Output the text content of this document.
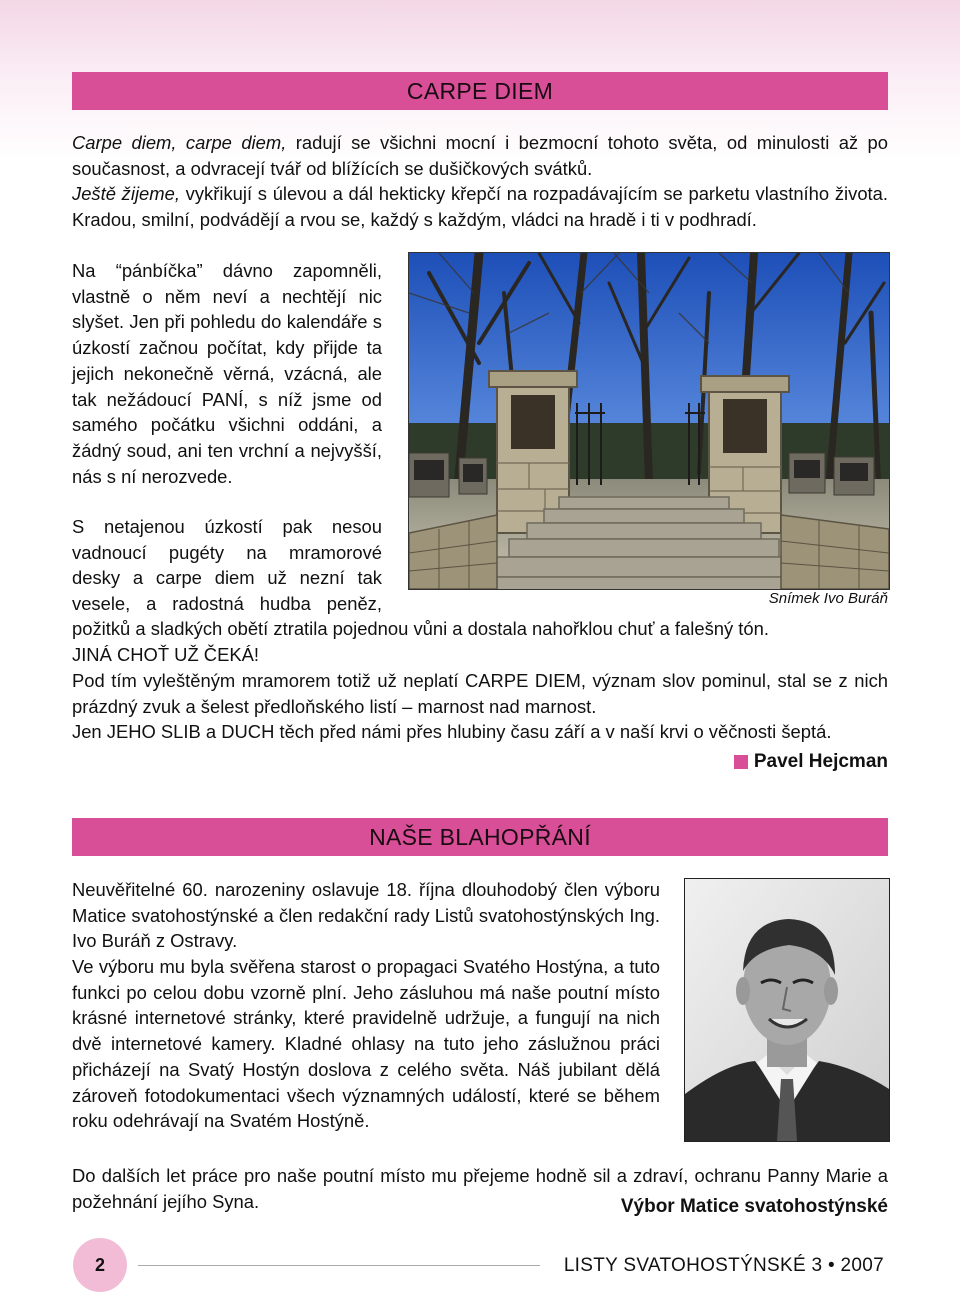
CARPE DIEM

Carpe diem, carpe diem, radují se všichni mocní i bezmocní tohoto světa, od minulosti až po současnost, a odvracejí tvář od blížících se dušičkových svátků.
Ještě žijeme, vykřikují s úlevou a dál hekticky křepčí na rozpadávajícím se parketu vlastního života. Kradou, smilní, podvádějí a rvou se, každý s každým, vládci na hradě i ti v podhradí.

Na “pánbíčka” dávno zapomněli, vlastně o něm neví a nechtějí nic slyšet. Jen při pohledu do kalendáře s úzkostí začnou počítat, kdy přijde ta jejich nekonečně věrná, vzácná, ale tak nežádoucí PANÍ, s níž jsme od samého počátku všichni oddáni, a žádný soud, ani ten vrchní a nejvyšší, nás s ní nerozvede.

S netajenou úzkostí pak nesou vadnoucí pugéty na mramorové desky a carpe diem už nezní tak vesele, a radostná hudba peněz,	Snímek Ivo Buráň

požitků a sladkých obětí ztratila pojednou vůni a dostala nahořklou chuť a falešný tón.

JINÁ CHOŤ UŽ ČEKÁ!

Pod tím vyleštěným mramorem totiž už neplatí CARPE DIEM, význam slov pominul, stal se z nich prázdný zvuk a šelest předloňského listí – marnost nad marnost.

Jen JEHO SLIB a DUCH těch před námi přes hlubiny času září a v naší krvi o věčnosti šeptá.

Pavel Hejcman
NAŠE BLAHOPŘÁNÍ

Neuvěřitelné 60. narozeniny oslavuje 18. října dlouhodobý člen výboru Matice svatohostýnské a člen redakční rady Listů svatohostýnských Ing. Ivo Buráň z Ostravy.

Ve výboru mu byla svěřena starost o propagaci Svatého Hostýna, a tuto funkci po celou dobu vzorně plní. Jeho zásluhou má naše poutní místo krásné internetové stránky, které pravidelně udržuje, a fungují na nich dvě internetové kamery. Kladné ohlasy na tuto jeho záslužnou práci přicházejí na Svatý Hostýn doslova z celého světa. Náš jubilant dělá zároveň fotodokumentaci všech významných událostí, které se během roku odehrávají na Svatém Hostýně.

Do dalších let práce pro naše poutní místo mu přejeme hodně sil a zdraví, ochranu Panny Marie a požehnání jejího Syna.	Výbor Matice svatohostýnské
2	LISTY SVATOHOSTÝNSKÉ 3 • 2007
